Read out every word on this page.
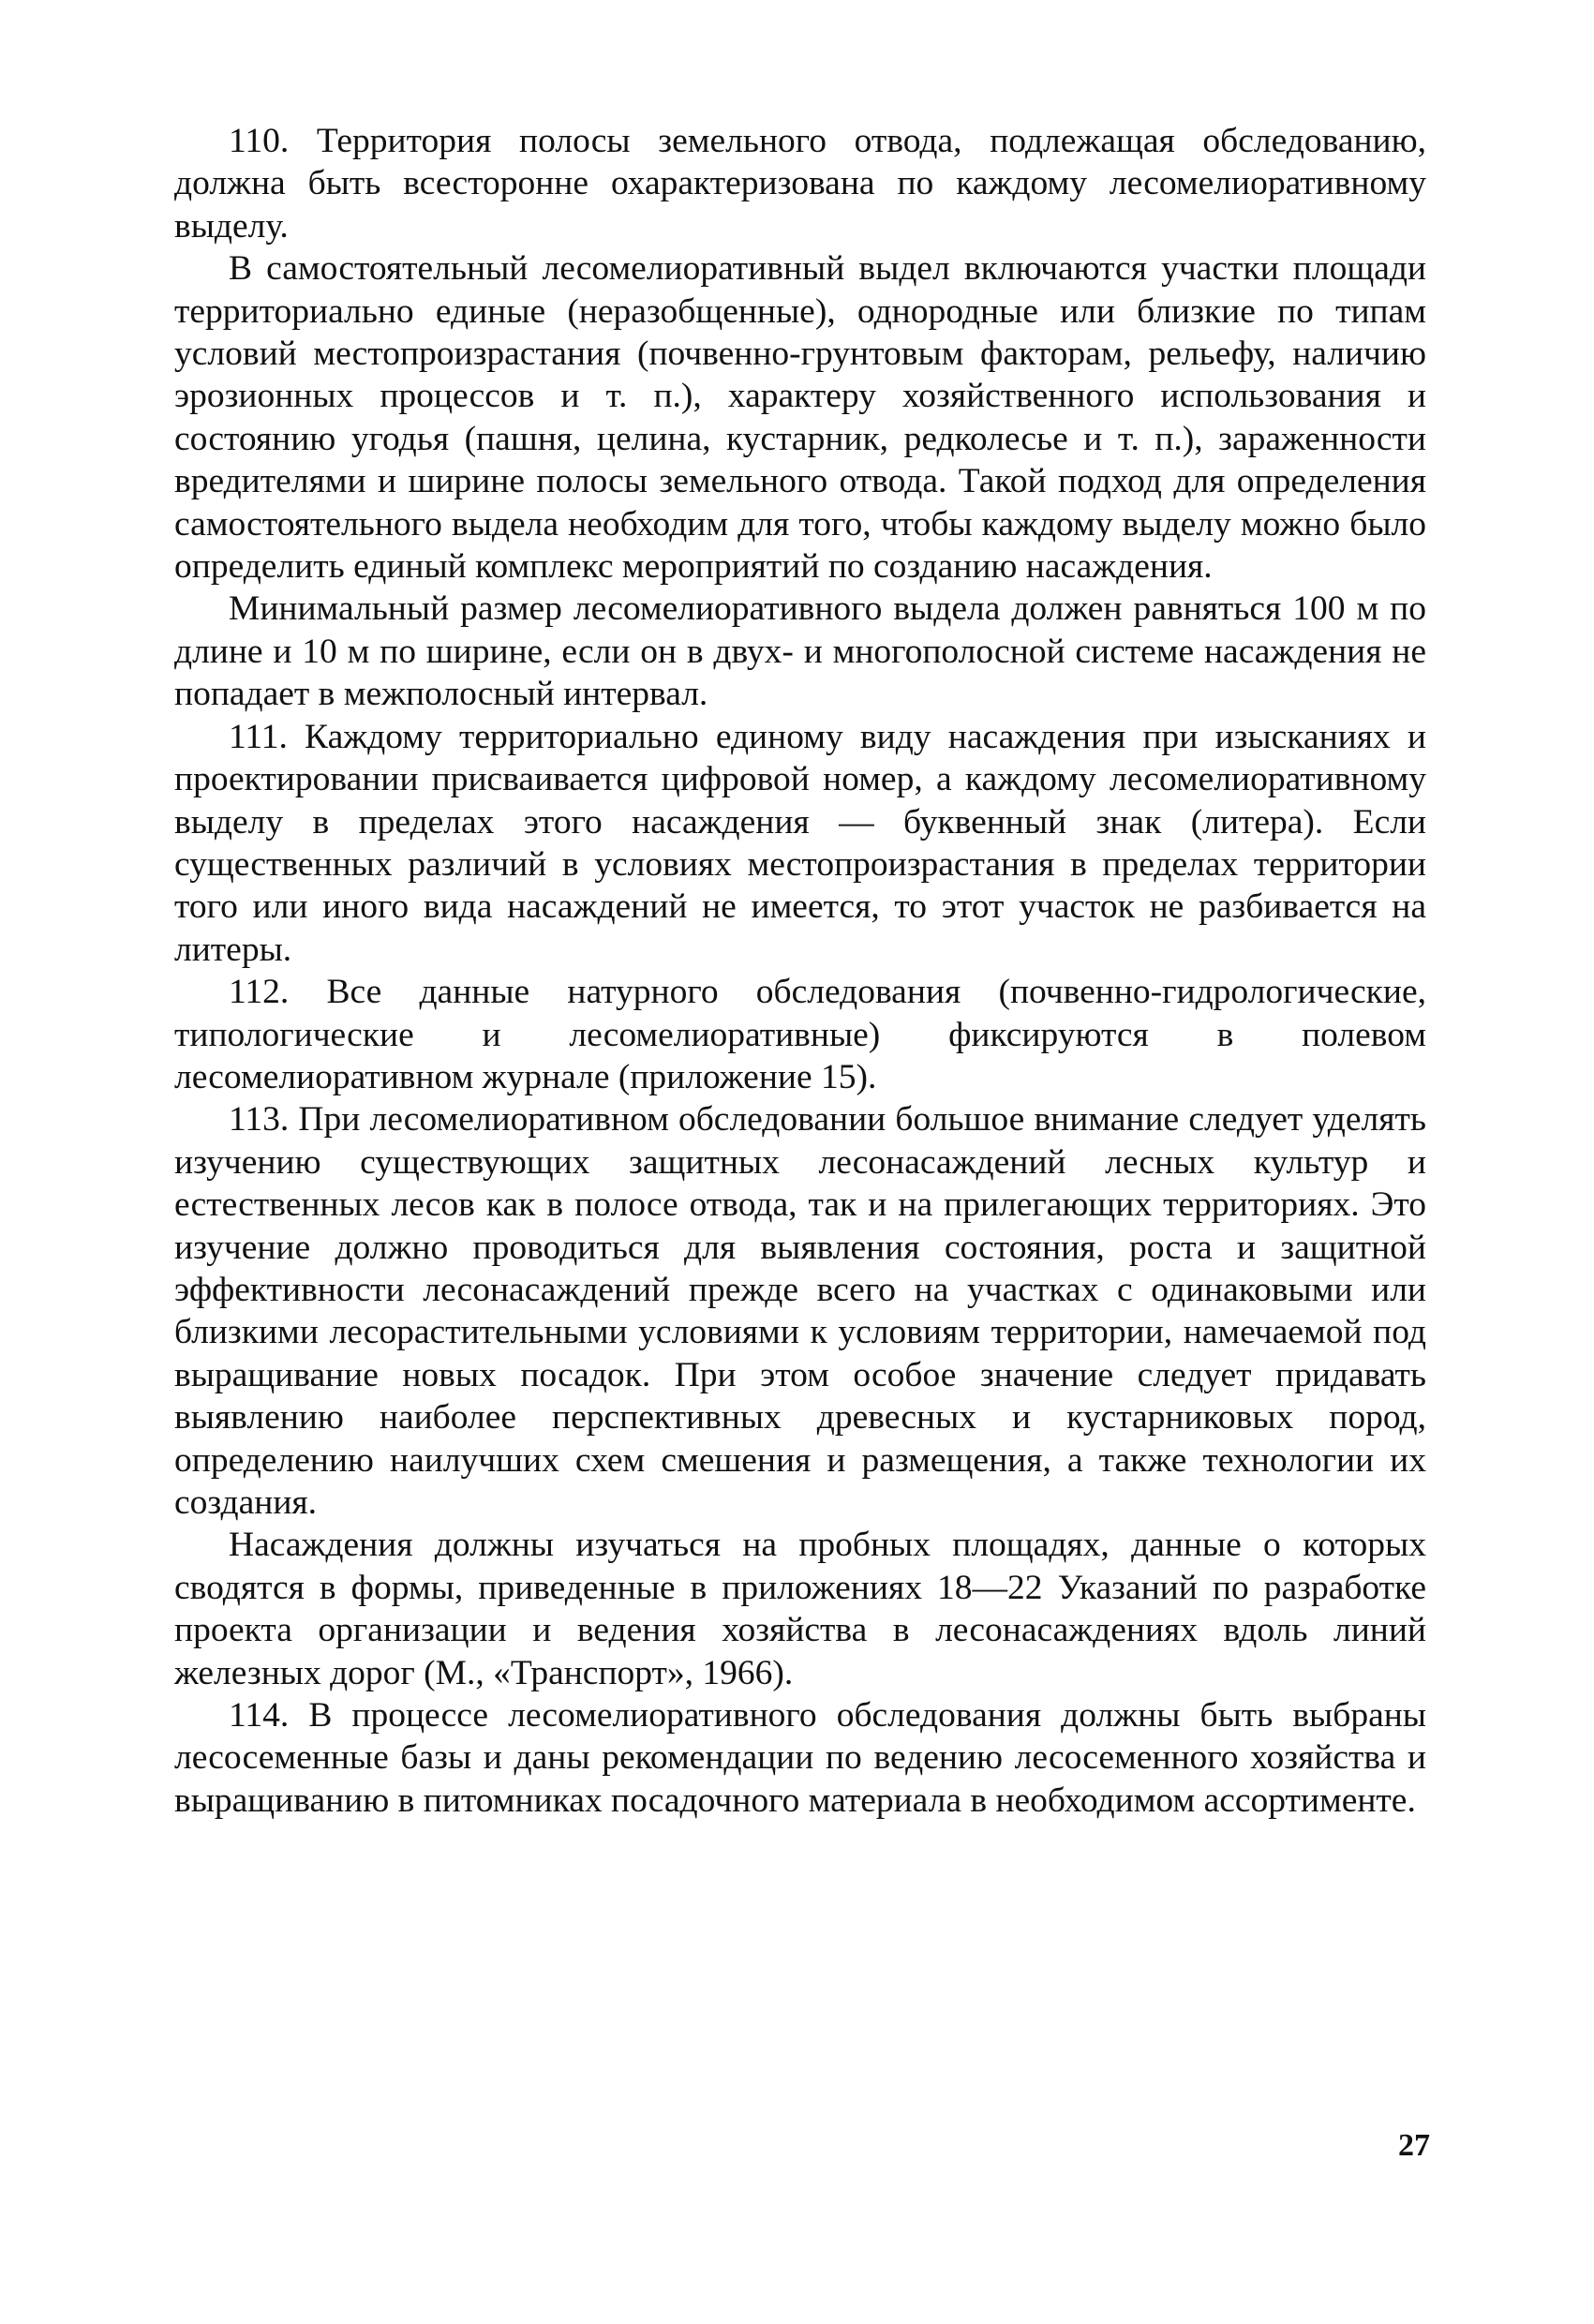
110. Территория полосы земельного отвода, подлежащая обследованию, должна быть всесторонне охарактеризована по каждому лесомелиоративному выделу.

В самостоятельный лесомелиоративный выдел включаются участки площади территориально единые (неразобщенные), однородные или близкие по типам условий местопроизрастания (почвенно-грунтовым факторам, рельефу, наличию эрозионных процессов и т. п.), характеру хозяйственного использования и состоянию угодья (пашня, целина, кустарник, редколесье и т. п.), зараженности вредителями и ширине полосы земельного отвода. Такой подход для определения самостоятельного выдела необходим для того, чтобы каждому выделу можно было определить единый комплекс мероприятий по созданию насаждения.

Минимальный размер лесомелиоративного выдела должен равняться 100 м по длине и 10 м по ширине, если он в двух- и многополосной системе насаждения не попадает в межполосный интервал.

111. Каждому территориально единому виду насаждения при изысканиях и проектировании присваивается цифровой номер, а каждому лесомелиоративному выделу в пределах этого насаждения — буквенный знак (литера). Если существенных различий в условиях местопроизрастания в пределах территории того или иного вида насаждений не имеется, то этот участок не разбивается на литеры.

112. Все данные натурного обследования (почвенно-гидрологические, типологические и лесомелиоративные) фиксируются в полевом лесомелиоративном журнале (приложение 15).

113. При лесомелиоративном обследовании большое внимание следует уделять изучению существующих защитных лесонасаждений лесных культур и естественных лесов как в полосе отвода, так и на прилегающих территориях. Это изучение должно проводиться для выявления состояния, роста и защитной эффективности лесонасаждений прежде всего на участках с одинаковыми или близкими лесорастительными условиями к условиям территории, намечаемой под выращивание новых посадок. При этом особое значение следует придавать выявлению наиболее перспективных древесных и кустарниковых пород, определению наилучших схем смешения и размещения, а также технологии их создания.

Насаждения должны изучаться на пробных площадях, данные о которых сводятся в формы, приведенные в приложениях 18—22 Указаний по разработке проекта организации и ведения хозяйства в лесонасаждениях вдоль линий железных дорог (М., «Транспорт», 1966).

114. В процессе лесомелиоративного обследования должны быть выбраны лесосеменные базы и даны рекомендации по ведению лесосеменного хозяйства и выращиванию в питомниках посадочного материала в необходимом ассортименте.

27
